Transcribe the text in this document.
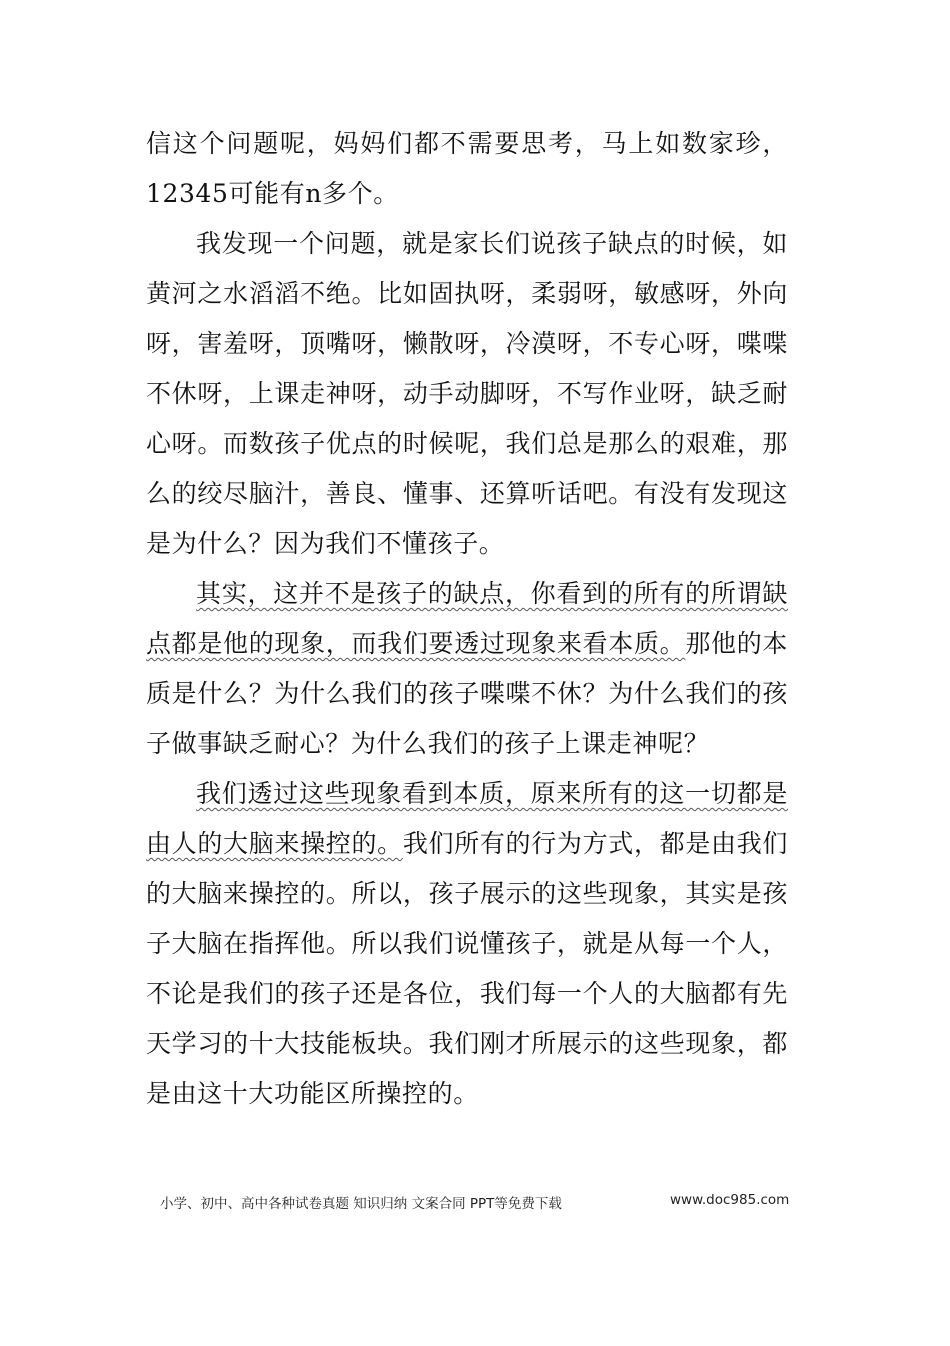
信这个问题呢，妈妈们都不需要思考，马上如数家珍，12345可能有n多个。

我发现一个问题，就是家长们说孩子缺点的时候，如黄河之水滔滔不绝。比如固执呀，柔弱呀，敏感呀，外向呀，害羞呀，顶嘴呀，懒散呀，冷漠呀，不专心呀，喋喋不休呀，上课走神呀，动手动脚呀，不写作业呀，缺乏耐心呀。而数孩子优点的时候呢，我们总是那么的艰难，那么的绞尽脑汁，善良、懂事、还算听话吧。有没有发现这是为什么？因为我们不懂孩子。

其实，这并不是孩子的缺点，你看到的所有的所谓缺点都是他的现象，而我们要透过现象来看本质。那他的本质是什么？为什么我们的孩子喋喋不休？为什么我们的孩子做事缺乏耐心？为什么我们的孩子上课走神呢？

我们透过这些现象看到本质，原来所有的这一切都是由人的大脑来操控的。我们所有的行为方式，都是由我们的大脑来操控的。所以，孩子展示的这些现象，其实是孩子大脑在指挥他。所以我们说懂孩子，就是从每一个人，不论是我们的孩子还是各位，我们每一个人的大脑都有先天学习的十大技能板块。我们刚才所展示的这些现象，都是由这十大功能区所操控的。

小学、初中、高中各种试卷真题 知识归纳 文案合同 PPT等免费下载	www.doc985.com
